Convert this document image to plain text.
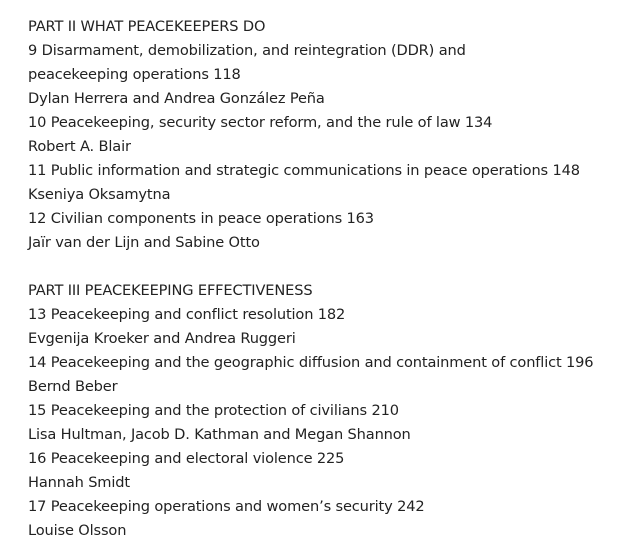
PART II WHAT PEACEKEEPERS DO
9 Disarmament, demobilization, and reintegration (DDR) and
peacekeeping operations 118
Dylan Herrera and Andrea González Peña
10 Peacekeeping, security sector reform, and the rule of law 134
Robert A. Blair
11 Public information and strategic communications in peace operations 148
Kseniya Oksamytna
12 Civilian components in peace operations 163
Jaïr van der Lijn and Sabine Otto
PART III PEACEKEEPING EFFECTIVENESS
13 Peacekeeping and conflict resolution 182
Evgenija Kroeker and Andrea Ruggeri
14 Peacekeeping and the geographic diffusion and containment of conflict 196
Bernd Beber
15 Peacekeeping and the protection of civilians 210
Lisa Hultman, Jacob D. Kathman and Megan Shannon
16 Peacekeeping and electoral violence 225
Hannah Smidt
17 Peacekeeping operations and women’s security 242
Louise Olsson
